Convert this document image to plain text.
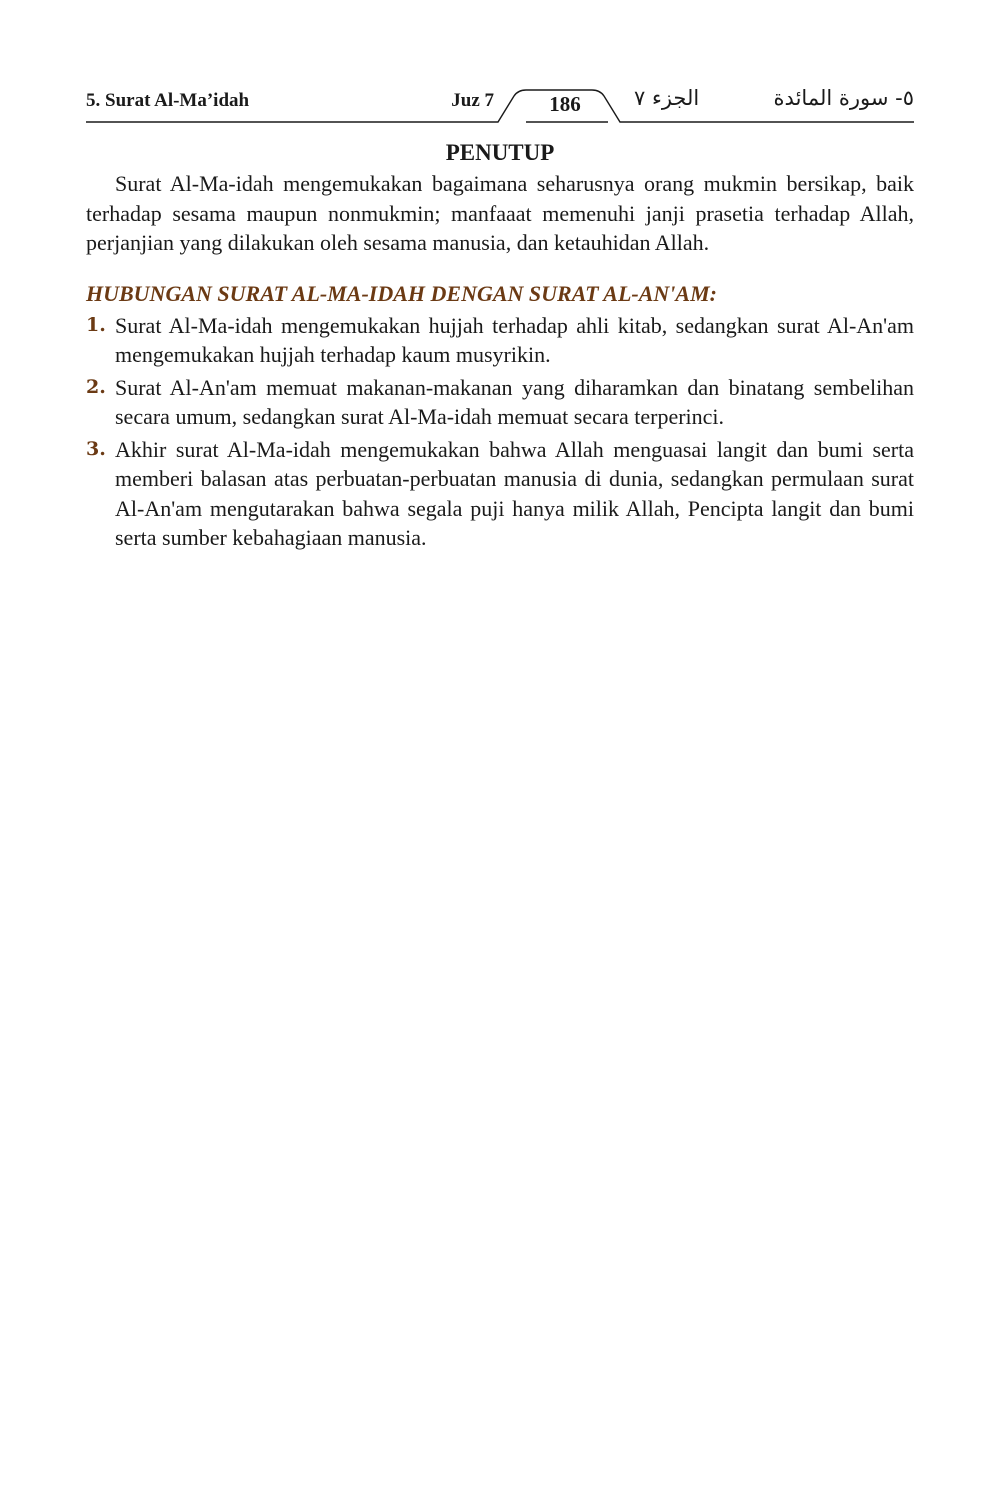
5. Surat Al-Ma’idah	Juz 7	186	الجزء ٧	٥- سورة المائدة
PENUTUP

Surat Al-Ma-idah mengemukakan bagaimana seharusnya orang mukmin bersikap, baik terhadap sesama maupun nonmukmin; manfaaat memenuhi janji prasetia terhadap Allah, perjanjian yang dilakukan oleh sesama manusia, dan ketauhidan Allah.

HUBUNGAN SURAT AL-MA-IDAH DENGAN SURAT AL-AN'AM:
1. Surat Al-Ma-idah mengemukakan hujjah terhadap ahli kitab, sedangkan surat Al-An'am mengemukakan hujjah terhadap kaum musyrikin.
2. Surat Al-An'am memuat makanan-makanan yang diharamkan dan binatang sembelihan secara umum, sedangkan surat Al-Ma-idah memuat secara terperinci.
3. Akhir surat Al-Ma-idah mengemukakan bahwa Allah menguasai langit dan bumi serta memberi balasan atas perbuatan-perbuatan manusia di dunia, sedangkan permulaan surat Al-An'am mengutarakan bahwa segala puji hanya milik Allah, Pencipta langit dan bumi serta sumber kebahagiaan manusia.
